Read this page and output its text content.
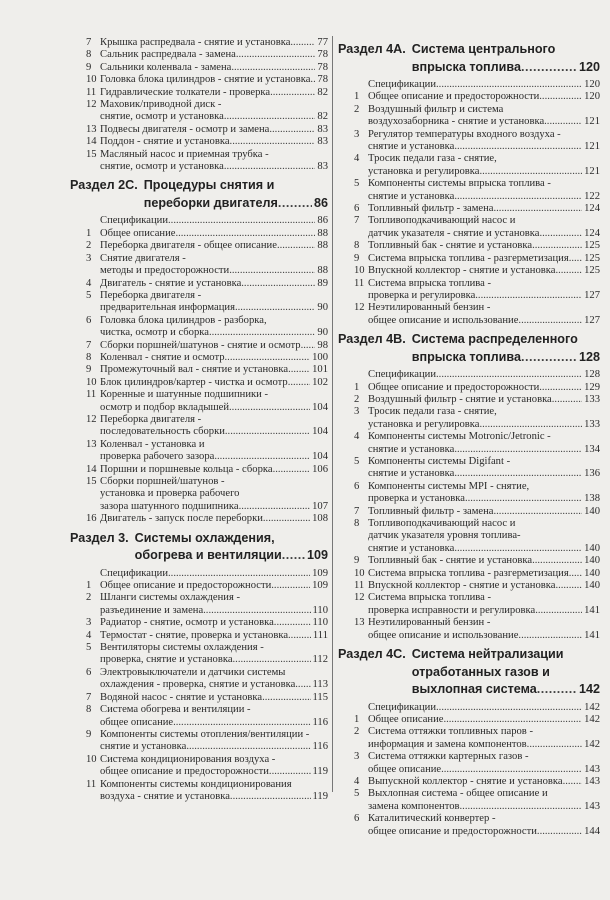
7 Крышка распредвала - снятие и установка .....	77
8 Сальник распредвала - замена .....	78
9 Сальники коленвала - замена .....	78
10 Головка блока цилиндров - снятие и установка ..... 78
11 Гидравлические толкатели - проверка .....	82
12 Маховик/приводной диск -
снятие, осмотр и установка .....	82
13 Подвесы двигателя - осмотр и замена .....	83
14 Поддон - снятие и установка .....	83
15 Масляный насос и приемная трубка -
снятие, осмотр и установка .....	83
Раздел 2С. Процедуры снятия и
переборки двигателя .....	86
Спецификации .....	86
1 Общее описание .....	88
2 Переборка двигателя - общее описание .....	88
3 Снятие двигателя -
методы и предосторожности .....	88
4 Двигатель - снятие и установка .....	89
5 Переборка двигателя -
предварительная информация .....	90
6 Головка блока цилиндров - разборка,
чистка, осмотр и сборка .....	90
7 Сборки поршней/шатунов - снятие и осмотр ..... 98
8 Коленвал - снятие и осмотр .....	100
9 Промежуточный вал - снятие и установка ..... 101
10 Блок цилиндров/картер - чистка и осмотр ..... 102
11 Коренные и шатунные подшипники -
осмотр и подбор вкладышей .....	104
12 Переборка двигателя -
последовательность сборки .....	104
13 Коленвал - установка и
проверка рабочего зазора .....	104
14 Поршни и поршневые кольца - сборка .....	106
15 Сборки поршней/шатунов -
установка и проверка рабочего
зазора шатунного подшипника .....	107
16 Двигатель - запуск после переборки .....	108
Раздел 3. Системы охлаждения,
обогрева и вентиляции ..... 109
Спецификации .....	109
1 Общее описание и предосторожности .....	109
2 Шланги системы охлаждения -
разъединение и замена .....	110
3 Радиатор - снятие, осмотр и установка .....	110
4 Термостат - снятие, проверка и установка ..... 111
5 Вентиляторы системы охлаждения -
проверка, снятие и установка .....	112
6 Электровыключатели и датчики системы
охлаждения - проверка, снятие и установка ..... 113
7 Водяной насос - снятие и установка .....	115
8 Система обогрева и вентиляции -
общее описание .....	116
9 Компоненты системы отопления/вентиляции -
снятие и установка .....	116
10 Система кондиционирования воздуха -
общее описание и предосторожности .....	119
11 Компоненты системы кондиционирования
воздуха - снятие и установка .....	119
Раздел 4А. Система центрального
впрыска топлива .....	120
Спецификации .....	120
1 Общее описание и предосторожности .....	120
2 Воздушный фильтр и система
воздухозаборника - снятие и установка .....	121
3 Регулятор температуры входного воздуха -
снятие и установка .....	121
4 Тросик педали газа - снятие,
установка и регулировка .....	121
5 Компоненты системы впрыска топлива -
снятие и установка .....	122
6 Топливный фильтр - замена .....	124
7 Топливоподкачивающий насос и
датчик указателя - снятие и установка .....	124
8 Топливный бак - снятие и установка .....	125
9 Система впрыска топлива - разгерметизация ..... 125
10 Впускной коллектор - снятие и установка .....	125
11 Система впрыска топлива -
проверка и регулировка .....	127
12 Неэтилированный бензин -
общее описание и использование .....	127
Раздел 4В. Система распределенного
впрыска топлива .....	128
Спецификации .....	128
1 Общее описание и предосторожности .....	129
2 Воздушный фильтр - снятие и установка .....	133
3 Тросик педали газа - снятие,
установка и регулировка .....	133
4 Компоненты системы Motronic/Jetronic -
снятие и установка .....	134
5 Компоненты системы Digifant -
снятие и установка .....	136
6 Компоненты системы MPI - снятие,
проверка и установка .....	138
7 Топливный фильтр - замена .....	140
8 Топливоподкачивающий насос и
датчик указателя уровня топлива-
снятие и установка .....	140
9 Топливный бак - снятие и установка .....	140
10 Система впрыска топлива - разгерметизация ..... 140
11 Впускной коллектор - снятие и установка .....	140
12 Система впрыска топлива -
проверка исправности и регулировка .....	141
13 Неэтилированный бензин -
общее описание и использование .....	141
Раздел 4С. Система нейтрализации
отработанных газов и
выхлопная система .....	142
Спецификации .....	142
1 Общее описание .....	142
2 Система оттяжки топливных паров -
информация и замена компонентов .....	142
3 Система оттяжки картерных газов -
общее описание .....	143
4 Выпускной коллектор - снятие и установка ..... 143
5 Выхлопная система - общее описание и
замена компонентов .....	143
6 Каталитический конвертер -
общее описание и предосторожности .....	144
